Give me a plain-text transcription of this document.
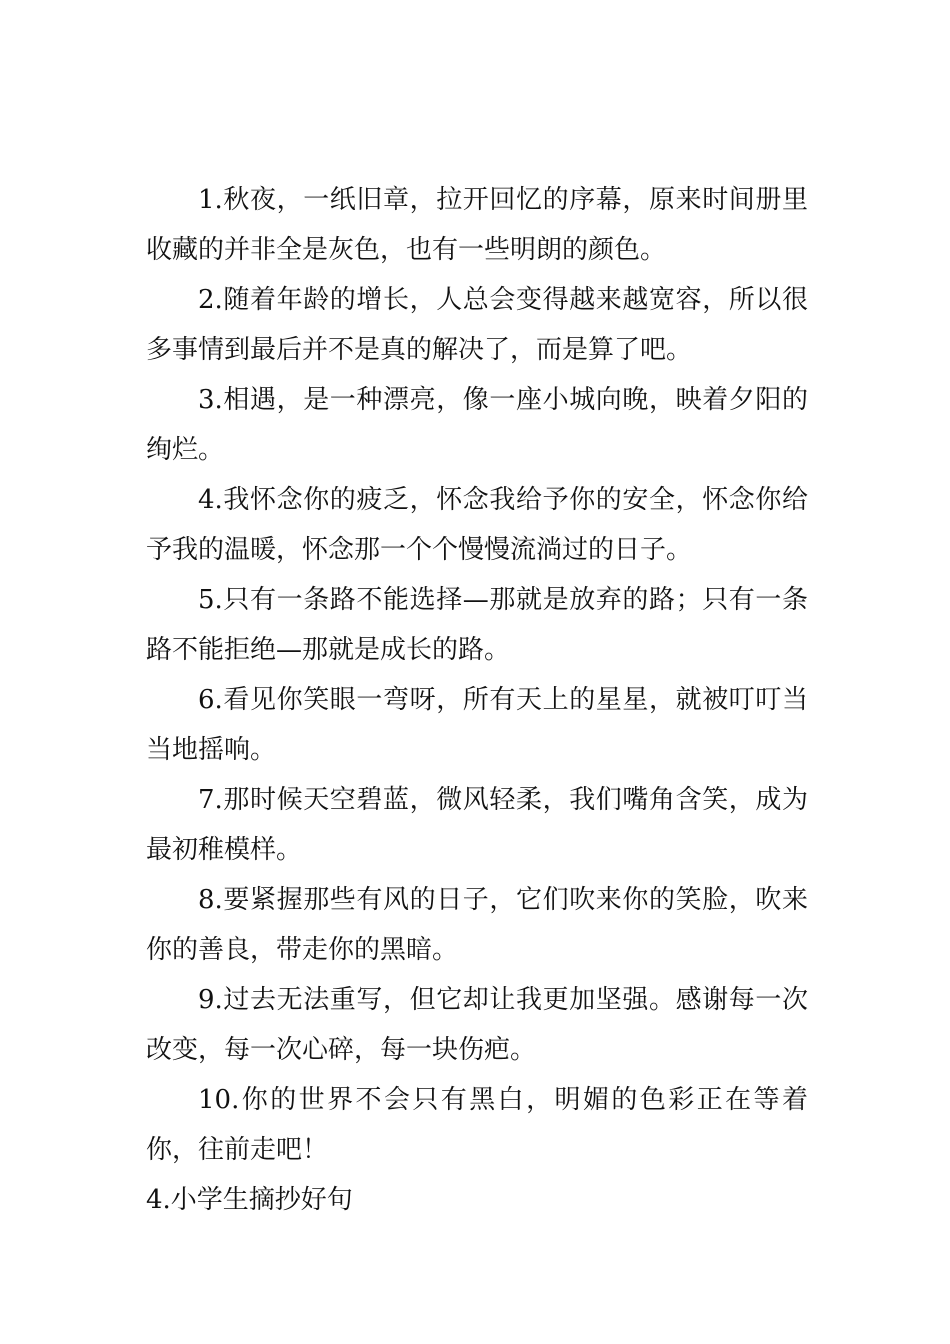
1.秋夜，一纸旧章，拉开回忆的序幕，原来时间册里收藏的并非全是灰色，也有一些明朗的颜色。

2.随着年龄的增长，人总会变得越来越宽容，所以很多事情到最后并不是真的解决了，而是算了吧。

3.相遇，是一种漂亮，像一座小城向晚，映着夕阳的绚烂。

4.我怀念你的疲乏，怀念我给予你的安全，怀念你给予我的温暖，怀念那一个个慢慢流淌过的日子。

5.只有一条路不能选择—那就是放弃的路；只有一条路不能拒绝—那就是成长的路。

6.看见你笑眼一弯呀，所有天上的星星，就被叮叮当当地摇响。

7.那时候天空碧蓝，微风轻柔，我们嘴角含笑，成为最初稚模样。

8.要紧握那些有风的日子，它们吹来你的笑脸，吹来你的善良，带走你的黑暗。

9.过去无法重写，但它却让我更加坚强。感谢每一次改变，每一次心碎，每一块伤疤。

10.你的世界不会只有黑白，明媚的色彩正在等着你，往前走吧！

4.小学生摘抄好句
